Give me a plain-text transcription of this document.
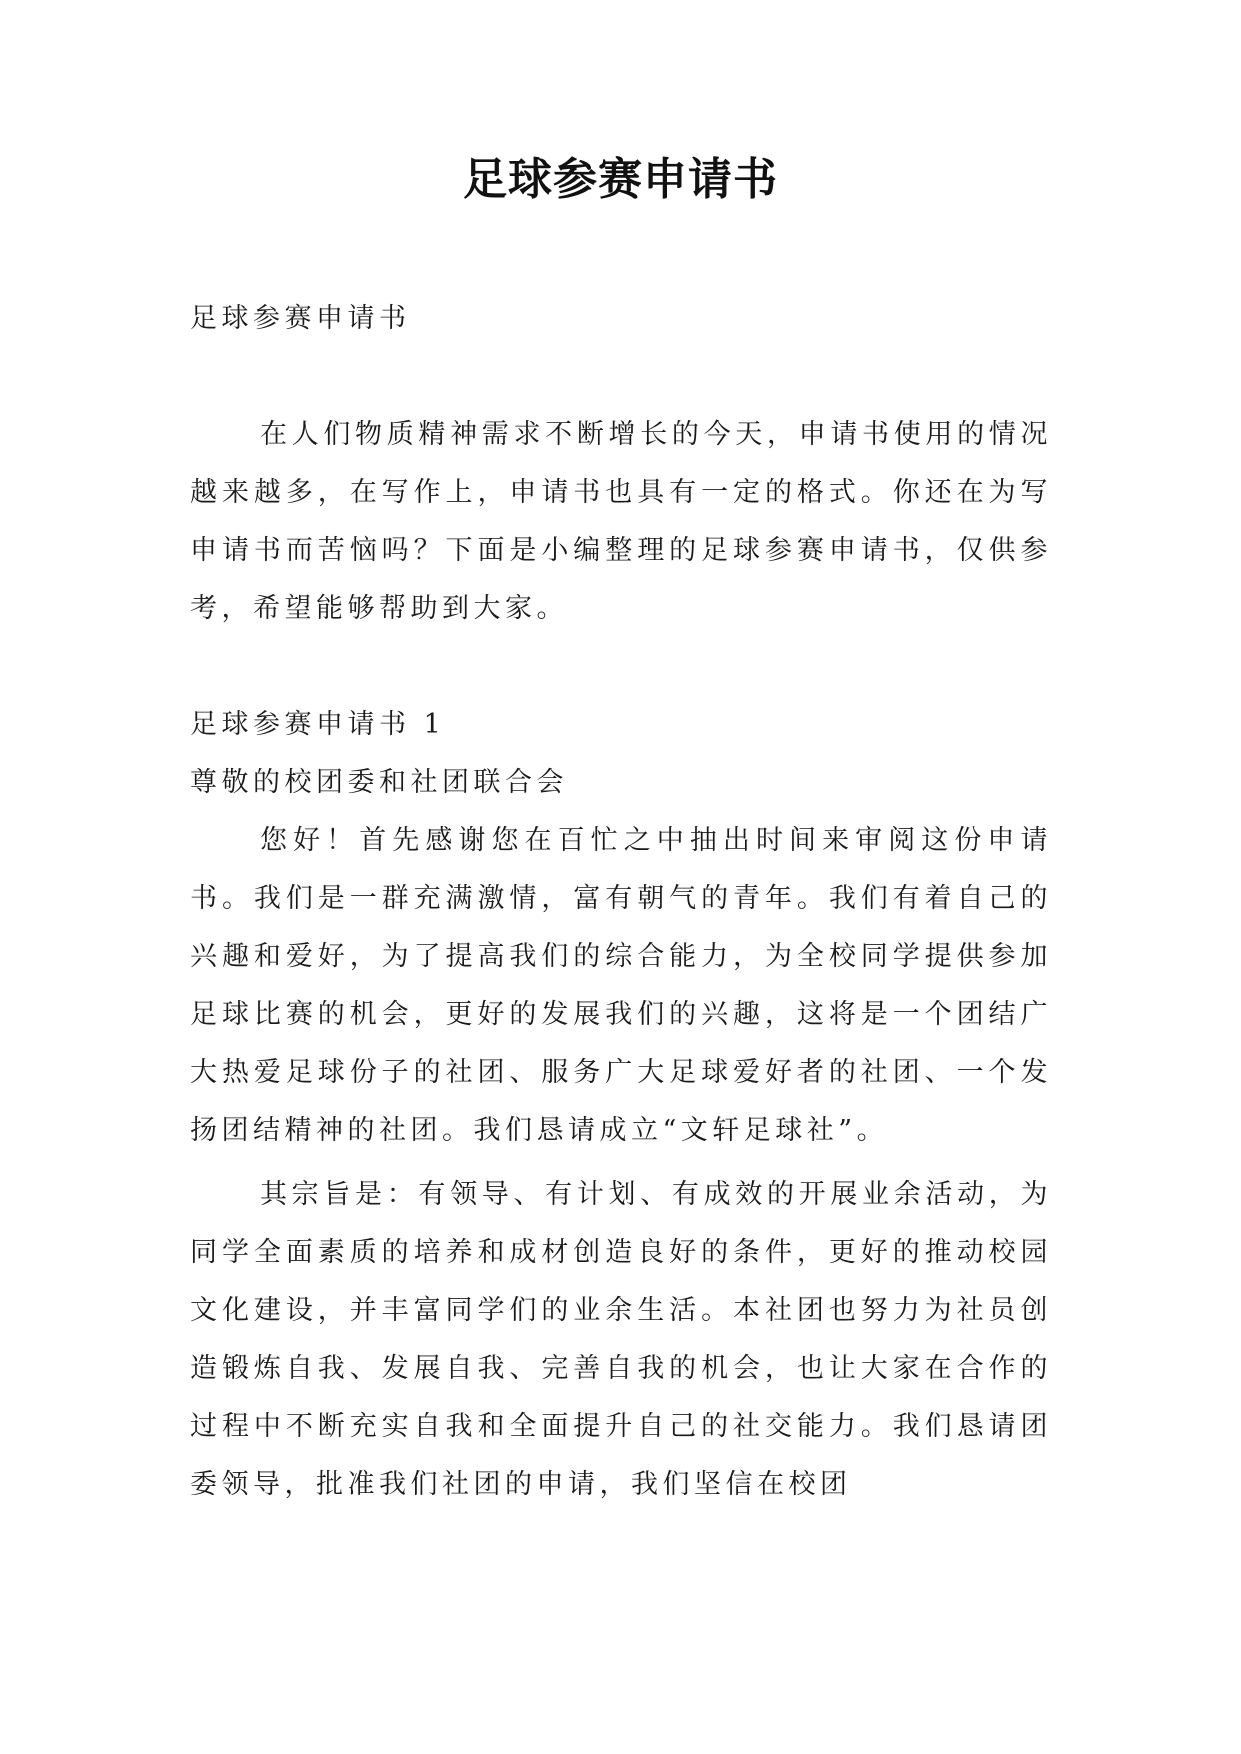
足球参赛申请书

足球参赛申请书

在人们物质精神需求不断增长的今天，申请书使用的情况越来越多，在写作上，申请书也具有一定的格式。你还在为写申请书而苦恼吗？下面是小编整理的足球参赛申请书，仅供参考，希望能够帮助到大家。

足球参赛申请书 1

尊敬的校团委和社团联合会

您好！首先感谢您在百忙之中抽出时间来审阅这份申请书。我们是一群充满激情，富有朝气的青年。我们有着自己的兴趣和爱好，为了提高我们的综合能力，为全校同学提供参加足球比赛的机会，更好的发展我们的兴趣，这将是一个团结广大热爱足球份子的社团、服务广大足球爱好者的社团、一个发扬团结精神的社团。我们恳请成立“文轩足球社”。

其宗旨是：有领导、有计划、有成效的开展业余活动，为同学全面素质的培养和成材创造良好的条件，更好的推动校园文化建设，并丰富同学们的业余生活。本社团也努力为社员创造锻炼自我、发展自我、完善自我的机会，也让大家在合作的过程中不断充实自我和全面提升自己的社交能力。我们恳请团委领导，批准我们社团的申请，我们坚信在校团
